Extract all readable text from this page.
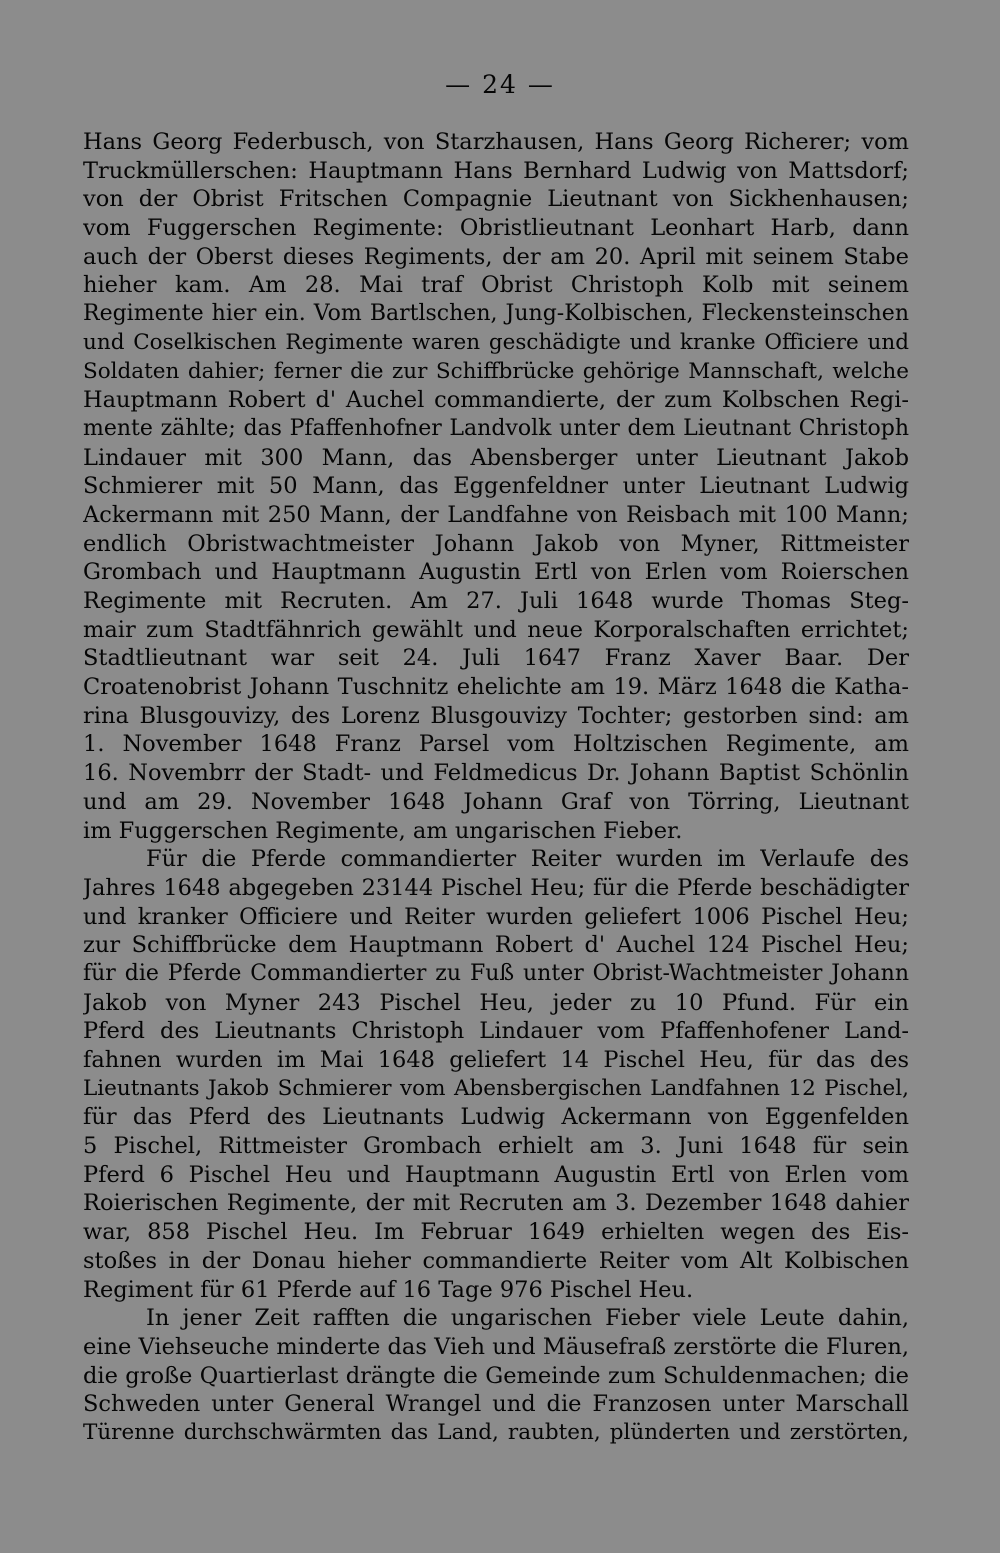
— 24 —
Hans Georg Federbusch, von Starzhausen, Hans Georg Richerer; vom
Truckmüllerschen: Hauptmann Hans Bernhard Ludwig von Mattsdorf;
von der Obrist Fritschen Compagnie Lieutnant von Sickhenhausen;
vom Fuggerschen Regimente: Obristlieutnant Leonhart Harb, dann
auch der Oberst dieses Regiments, der am 20. April mit seinem Stabe
hieher kam. Am 28. Mai traf Obrist Christoph Kolb mit seinem
Regimente hier ein. Vom Bartlschen, Jung-Kolbischen, Fleckensteinschen
und Coselkischen Regimente waren geschädigte und kranke Officiere und
Soldaten dahier; ferner die zur Schiffbrücke gehörige Mannschaft, welche
Hauptmann Robert d' Auchel commandierte, der zum Kolbschen Regi-
mente zählte; das Pfaffenhofner Landvolk unter dem Lieutnant Christoph
Lindauer mit 300 Mann, das Abensberger unter Lieutnant Jakob
Schmierer mit 50 Mann, das Eggenfeldner unter Lieutnant Ludwig
Ackermann mit 250 Mann, der Landfahne von Reisbach mit 100 Mann;
endlich Obristwachtmeister Johann Jakob von Myner, Rittmeister
Grombach und Hauptmann Augustin Ertl von Erlen vom Roierschen
Regimente mit Recruten. Am 27. Juli 1648 wurde Thomas Steg-
mair zum Stadtfähnrich gewählt und neue Korporalschaften errichtet;
Stadtlieutnant war seit 24. Juli 1647 Franz Xaver Baar. Der
Croatenobrist Johann Tuschnitz ehelichte am 19. März 1648 die Katha-
rina Blusgouvizy, des Lorenz Blusgouvizy Tochter; gestorben sind: am
1. November 1648 Franz Parsel vom Holtzischen Regimente, am
16. Novembrr der Stadt- und Feldmedicus Dr. Johann Baptist Schönlin
und am 29. November 1648 Johann Graf von Törring, Lieutnant
im Fuggerschen Regimente, am ungarischen Fieber.
Für die Pferde commandierter Reiter wurden im Verlaufe des
Jahres 1648 abgegeben 23144 Pischel Heu; für die Pferde beschädigter
und kranker Officiere und Reiter wurden geliefert 1006 Pischel Heu;
zur Schiffbrücke dem Hauptmann Robert d' Auchel 124 Pischel Heu;
für die Pferde Commandierter zu Fuß unter Obrist-Wachtmeister Johann
Jakob von Myner 243 Pischel Heu, jeder zu 10 Pfund. Für ein
Pferd des Lieutnants Christoph Lindauer vom Pfaffenhofener Land-
fahnen wurden im Mai 1648 geliefert 14 Pischel Heu, für das des
Lieutnants Jakob Schmierer vom Abensbergischen Landfahnen 12 Pischel,
für das Pferd des Lieutnants Ludwig Ackermann von Eggenfelden
5 Pischel, Rittmeister Grombach erhielt am 3. Juni 1648 für sein
Pferd 6 Pischel Heu und Hauptmann Augustin Ertl von Erlen vom
Roierischen Regimente, der mit Recruten am 3. Dezember 1648 dahier
war, 858 Pischel Heu. Im Februar 1649 erhielten wegen des Eis-
stoßes in der Donau hieher commandierte Reiter vom Alt Kolbischen
Regiment für 61 Pferde auf 16 Tage 976 Pischel Heu.
In jener Zeit rafften die ungarischen Fieber viele Leute dahin,
eine Viehseuche minderte das Vieh und Mäusefraß zerstörte die Fluren,
die große Quartierlast drängte die Gemeinde zum Schuldenmachen; die
Schweden unter General Wrangel und die Franzosen unter Marschall
Türenne durchschwärmten das Land, raubten, plünderten und zerstörten,
